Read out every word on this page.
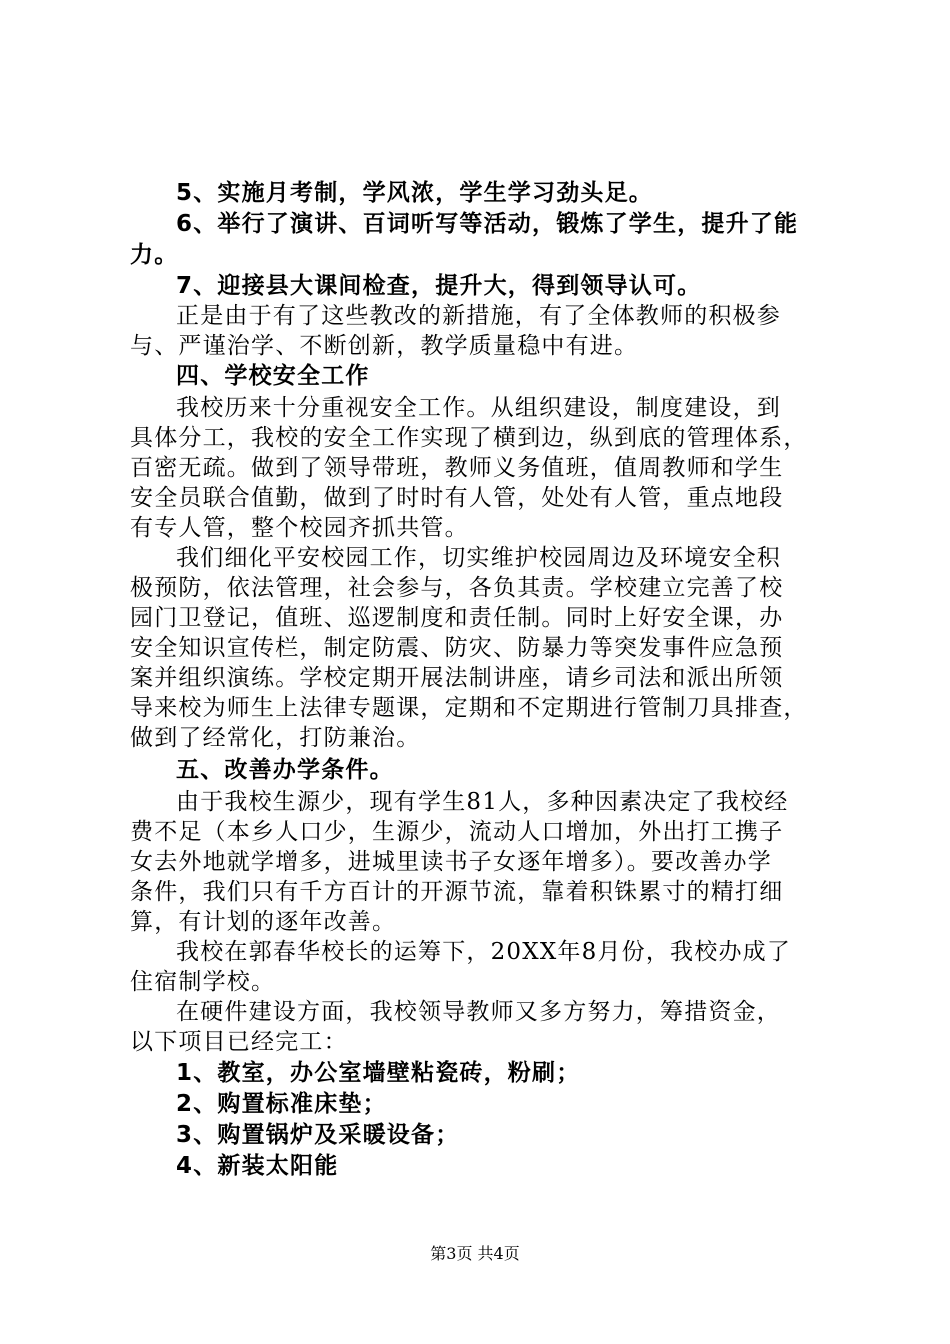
5、实施月考制，学风浓，学生学习劲头足。
6、举行了演讲、百词听写等活动，锻炼了学生，提升了能
力。
7、迎接县大课间检查，提升大，得到领导认可。
正是由于有了这些教改的新措施，有了全体教师的积极参
与、严谨治学、不断创新，教学质量稳中有进。
四、学校安全工作
我校历来十分重视安全工作。从组织建设，制度建设，到
具体分工，我校的安全工作实现了横到边，纵到底的管理体系，
百密无疏。做到了领导带班，教师义务值班，值周教师和学生
安全员联合值勤，做到了时时有人管，处处有人管，重点地段
有专人管，整个校园齐抓共管。
我们细化平安校园工作，切实维护校园周边及环境安全积
极预防，依法管理，社会参与，各负其责。学校建立完善了校
园门卫登记，值班、巡逻制度和责任制。同时上好安全课，办
安全知识宣传栏，制定防震、防灾、防暴力等突发事件应急预
案并组织演练。学校定期开展法制讲座，请乡司法和派出所领
导来校为师生上法律专题课，定期和不定期进行管制刀具排查，
做到了经常化，打防兼治。
五、改善办学条件。
由于我校生源少，现有学生81人，多种因素决定了我校经
费不足（本乡人口少，生源少，流动人口增加，外出打工携子
女去外地就学增多，进城里读书子女逐年增多）。要改善办学
条件，我们只有千方百计的开源节流，靠着积铢累寸的精打细
算，有计划的逐年改善。
我校在郭春华校长的运筹下，20XX年8月份，我校办成了
住宿制学校。
在硬件建设方面，我校领导教师又多方努力，筹措资金，
以下项目已经完工：
1、教室，办公室墙壁粘瓷砖，粉刷；
2、购置标准床垫；
3、购置锅炉及采暖设备；
4、新装太阳能
第3页 共4页
